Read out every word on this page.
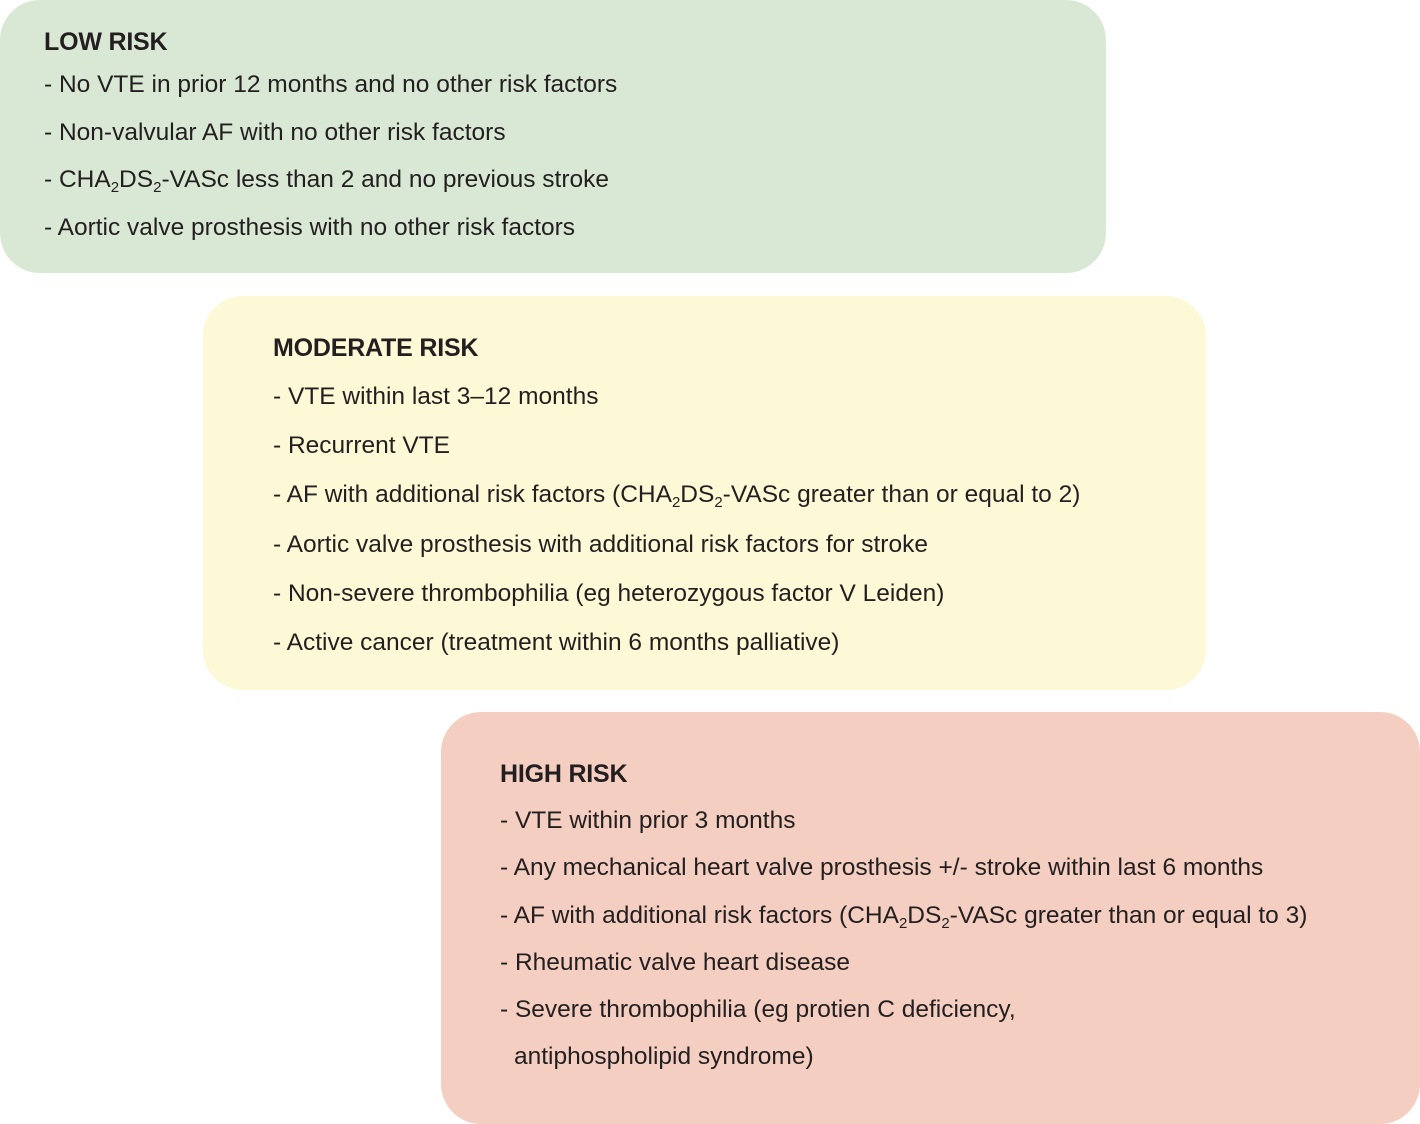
LOW RISK
- No VTE in prior 12 months and no other risk factors
- Non-valvular AF with no other risk factors
- $CHA_2DS_2$-VASc less than 2 and no previous stroke
- Aortic valve prosthesis with no other risk factors
MODERATE RISK
- VTE within last 3–12 months
- Recurrent VTE
- AF with additional risk factors ($CHA_2DS_2$-VASc greater than or equal to 2)
- Aortic valve prosthesis with additional risk factors for stroke
- Non-severe thrombophilia (eg heterozygous factor V Leiden)
- Active cancer (treatment within 6 months palliative)
HIGH RISK
- VTE within prior 3 months
- Any mechanical heart valve prosthesis +/- stroke within last 6 months
- AF with additional risk factors ($CHA_2DS_2$-VASc greater than or equal to 3)
- Rheumatic valve heart disease
- Severe thrombophilia (eg protien C deficiency,
antiphospholipid syndrome)
